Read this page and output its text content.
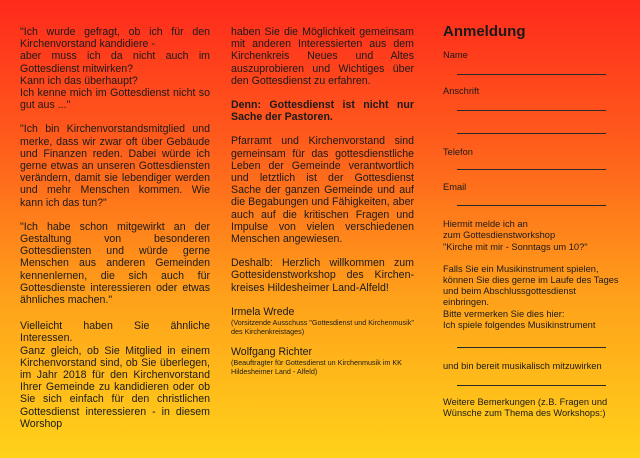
"Ich wurde gefragt, ob ich für den Kirchenvorstand kandidiere -
aber muss ich da nicht auch im Gottesdienst mitwirken?
Kann ich das überhaupt?
Ich kenne mich im Gottesdienst nicht so gut aus ..."

"Ich bin Kirchenvorstandsmitglied und merke, dass wir zwar oft über Gebäude und Finanzen reden. Dabei würde ich gerne etwas an unseren Gottesdiensten verändern, damit sie lebendiger werden und mehr Menschen kommen. Wie kann ich das tun?"

"Ich habe schon mitgewirkt an der Gestaltung von besonderen Gottesdiensten und würde gerne Menschen aus anderen Gemeinden kennenlernen, die sich auch für Gottesdienste interessieren oder etwas ähnliches machen."

Vielleicht haben Sie ähnliche Interessen.
Ganz gleich, ob Sie Mitglied in einem Kirchenvorstand sind, ob Sie überlegen, im Jahr 2018 für den Kirchenvorstand Ihrer Gemeinde zu kandidieren oder ob Sie sich einfach für den christlichen Gottesdienst interessieren - in diesem Worshop

haben Sie die Möglichkeit gemeinsam mit anderen Interessierten aus dem Kirchenkreis Neues und Altes auszuprobieren und Wichtiges über den Gottesdienst zu erfahren.

Denn: Gottesdienst ist nicht nur Sache der Pastoren.

Pfarramt und Kirchenvorstand sind gemeinsam für das gottesdienstliche Leben der Gemeinde verantwortlich und letztlich ist der Gottesdienst Sache der ganzen Gemeinde und auf die Begabungen und Fähigkeiten, aber auch auf die kritischen Fragen und Impulse von vielen verschiedenen Menschen angewiesen.

Deshalb: Herzlich willkommen zum Gottesidenstworkshop des Kirchen-kreises Hildesheimer Land-Alfeld!

Irmela Wrede

(Vorsitzende Ausschuss "Gottesdienst und Kirchenmusik" des Kirchenkreistages)

Wolfgang Richter

(Beauftragter für Gottesdienst un Kirchenmusik im KK Hildesheimer Land - Alfeld)

Anmeldung

Name

Anschrift

Telefon

Email

Hiermit melde ich an
zum Gottesdienstworkshop
"Kirche mit mir - Sonntags um 10?"

Falls Sie ein Musikinstrument spielen,
können Sie dies gerne im Laufe des Tages
und beim Abschlussgottesdienst
einbringen.
Bitte vermerken Sie dies hier:
Ich spiele folgendes Musikinstrument

und bin bereit musikalisch mitzuwirken

Weitere Bemerkungen (z.B. Fragen und
Wünsche zum Thema des Workshops:)
